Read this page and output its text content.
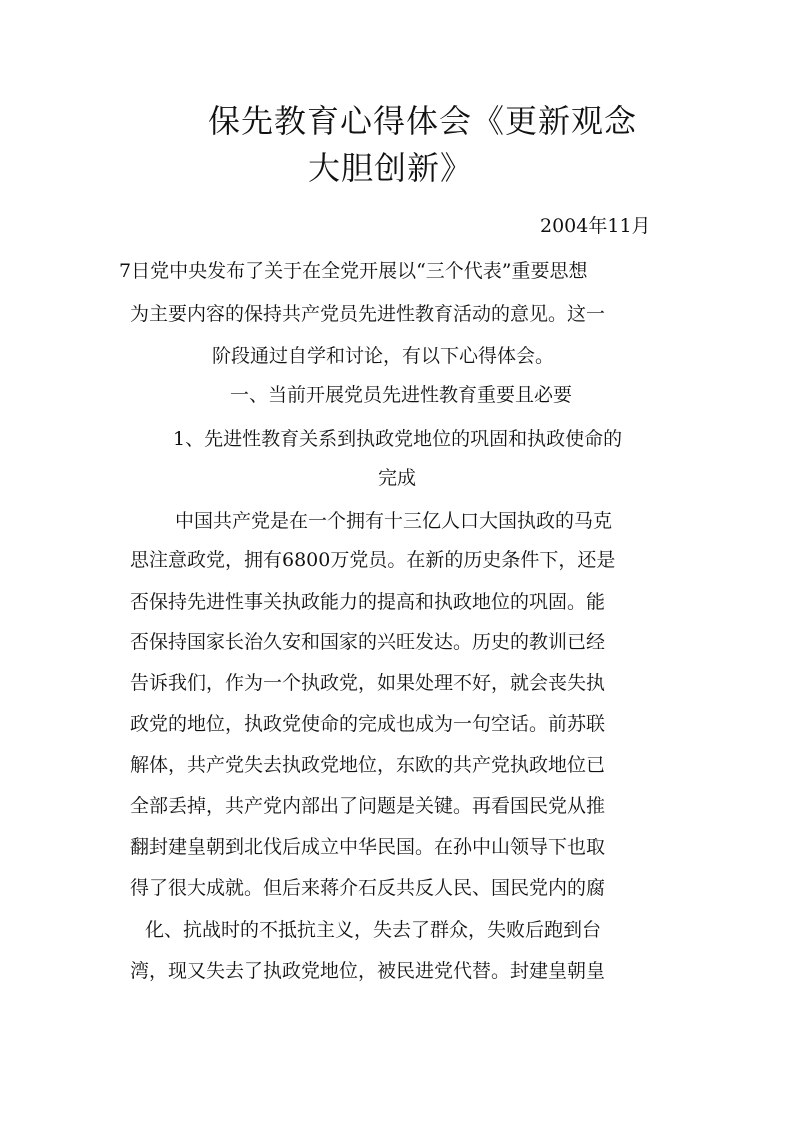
保先教育心得体会《更新观念
大胆创新》
2004年11月
7日党中央发布了关于在全党开展以“三个代表”重要思想
为主要内容的保持共产党员先进性教育活动的意见。这一
阶段通过自学和讨论，有以下心得体会。
一、当前开展党员先进性教育重要且必要
1、先进性教育关系到执政党地位的巩固和执政使命的
完成
中国共产党是在一个拥有十三亿人口大国执政的马克
思注意政党，拥有6800万党员。在新的历史条件下，还是
否保持先进性事关执政能力的提高和执政地位的巩固。能
否保持国家长治久安和国家的兴旺发达。历史的教训已经
告诉我们，作为一个执政党，如果处理不好，就会丧失执
政党的地位，执政党使命的完成也成为一句空话。前苏联
解体，共产党失去执政党地位，东欧的共产党执政地位已
全部丢掉，共产党内部出了问题是关键。再看国民党从推
翻封建皇朝到北伐后成立中华民国。在孙中山领导下也取
得了很大成就。但后来蒋介石反共反人民、国民党内的腐
化、抗战时的不抵抗主义，失去了群众，失败后跑到台
湾，现又失去了执政党地位，被民进党代替。封建皇朝皇
